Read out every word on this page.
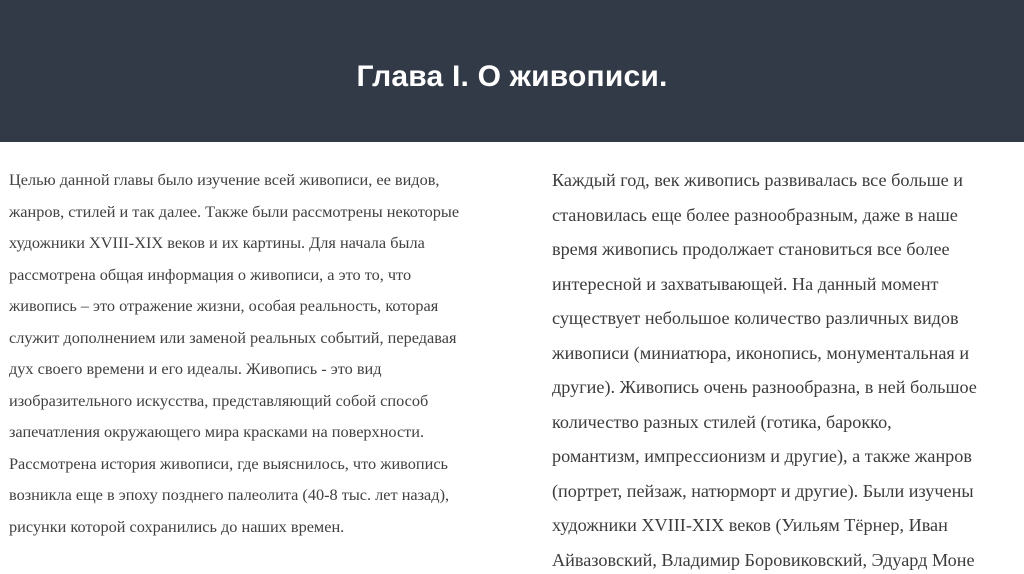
Глава I. О живописи.
Целью данной главы было изучение всей живописи, ее видов,
жанров, стилей и так далее. Также были рассмотрены некоторые
художники XVIII-XIX веков и их картины. Для начала была
рассмотрена общая информация о живописи, а это то, что
живопись – это отражение жизни, особая реальность, которая
служит дополнением или заменой реальных событий, передавая
дух своего времени и его идеалы. Живопись - это вид
изобразительного искусства, представляющий собой способ
запечатления окружающего мира красками на поверхности.
Рассмотрена история живописи, где выяснилось, что живопись
возникла еще в эпоху позднего палеолита (40-8 тыс. лет назад),
рисунки которой сохранились до наших времен.
Каждый год, век живопись развивалась все больше и
становилась еще более разнообразным, даже в наше
время живопись продолжает становиться все более
интересной и захватывающей. На данный момент
существует небольшое количество различных видов
живописи (миниатюра, иконопись, монументальная и
другие). Живопись очень разнообразна, в ней большое
количество разных стилей (готика, барокко,
романтизм, импрессионизм и другие), а также жанров
(портрет, пейзаж, натюрморт и другие). Были изучены
художники XVIII-XIX веков (Уильям Тёрнер, Иван
Айвазовский, Владимир Боровиковский, Эдуард Моне
